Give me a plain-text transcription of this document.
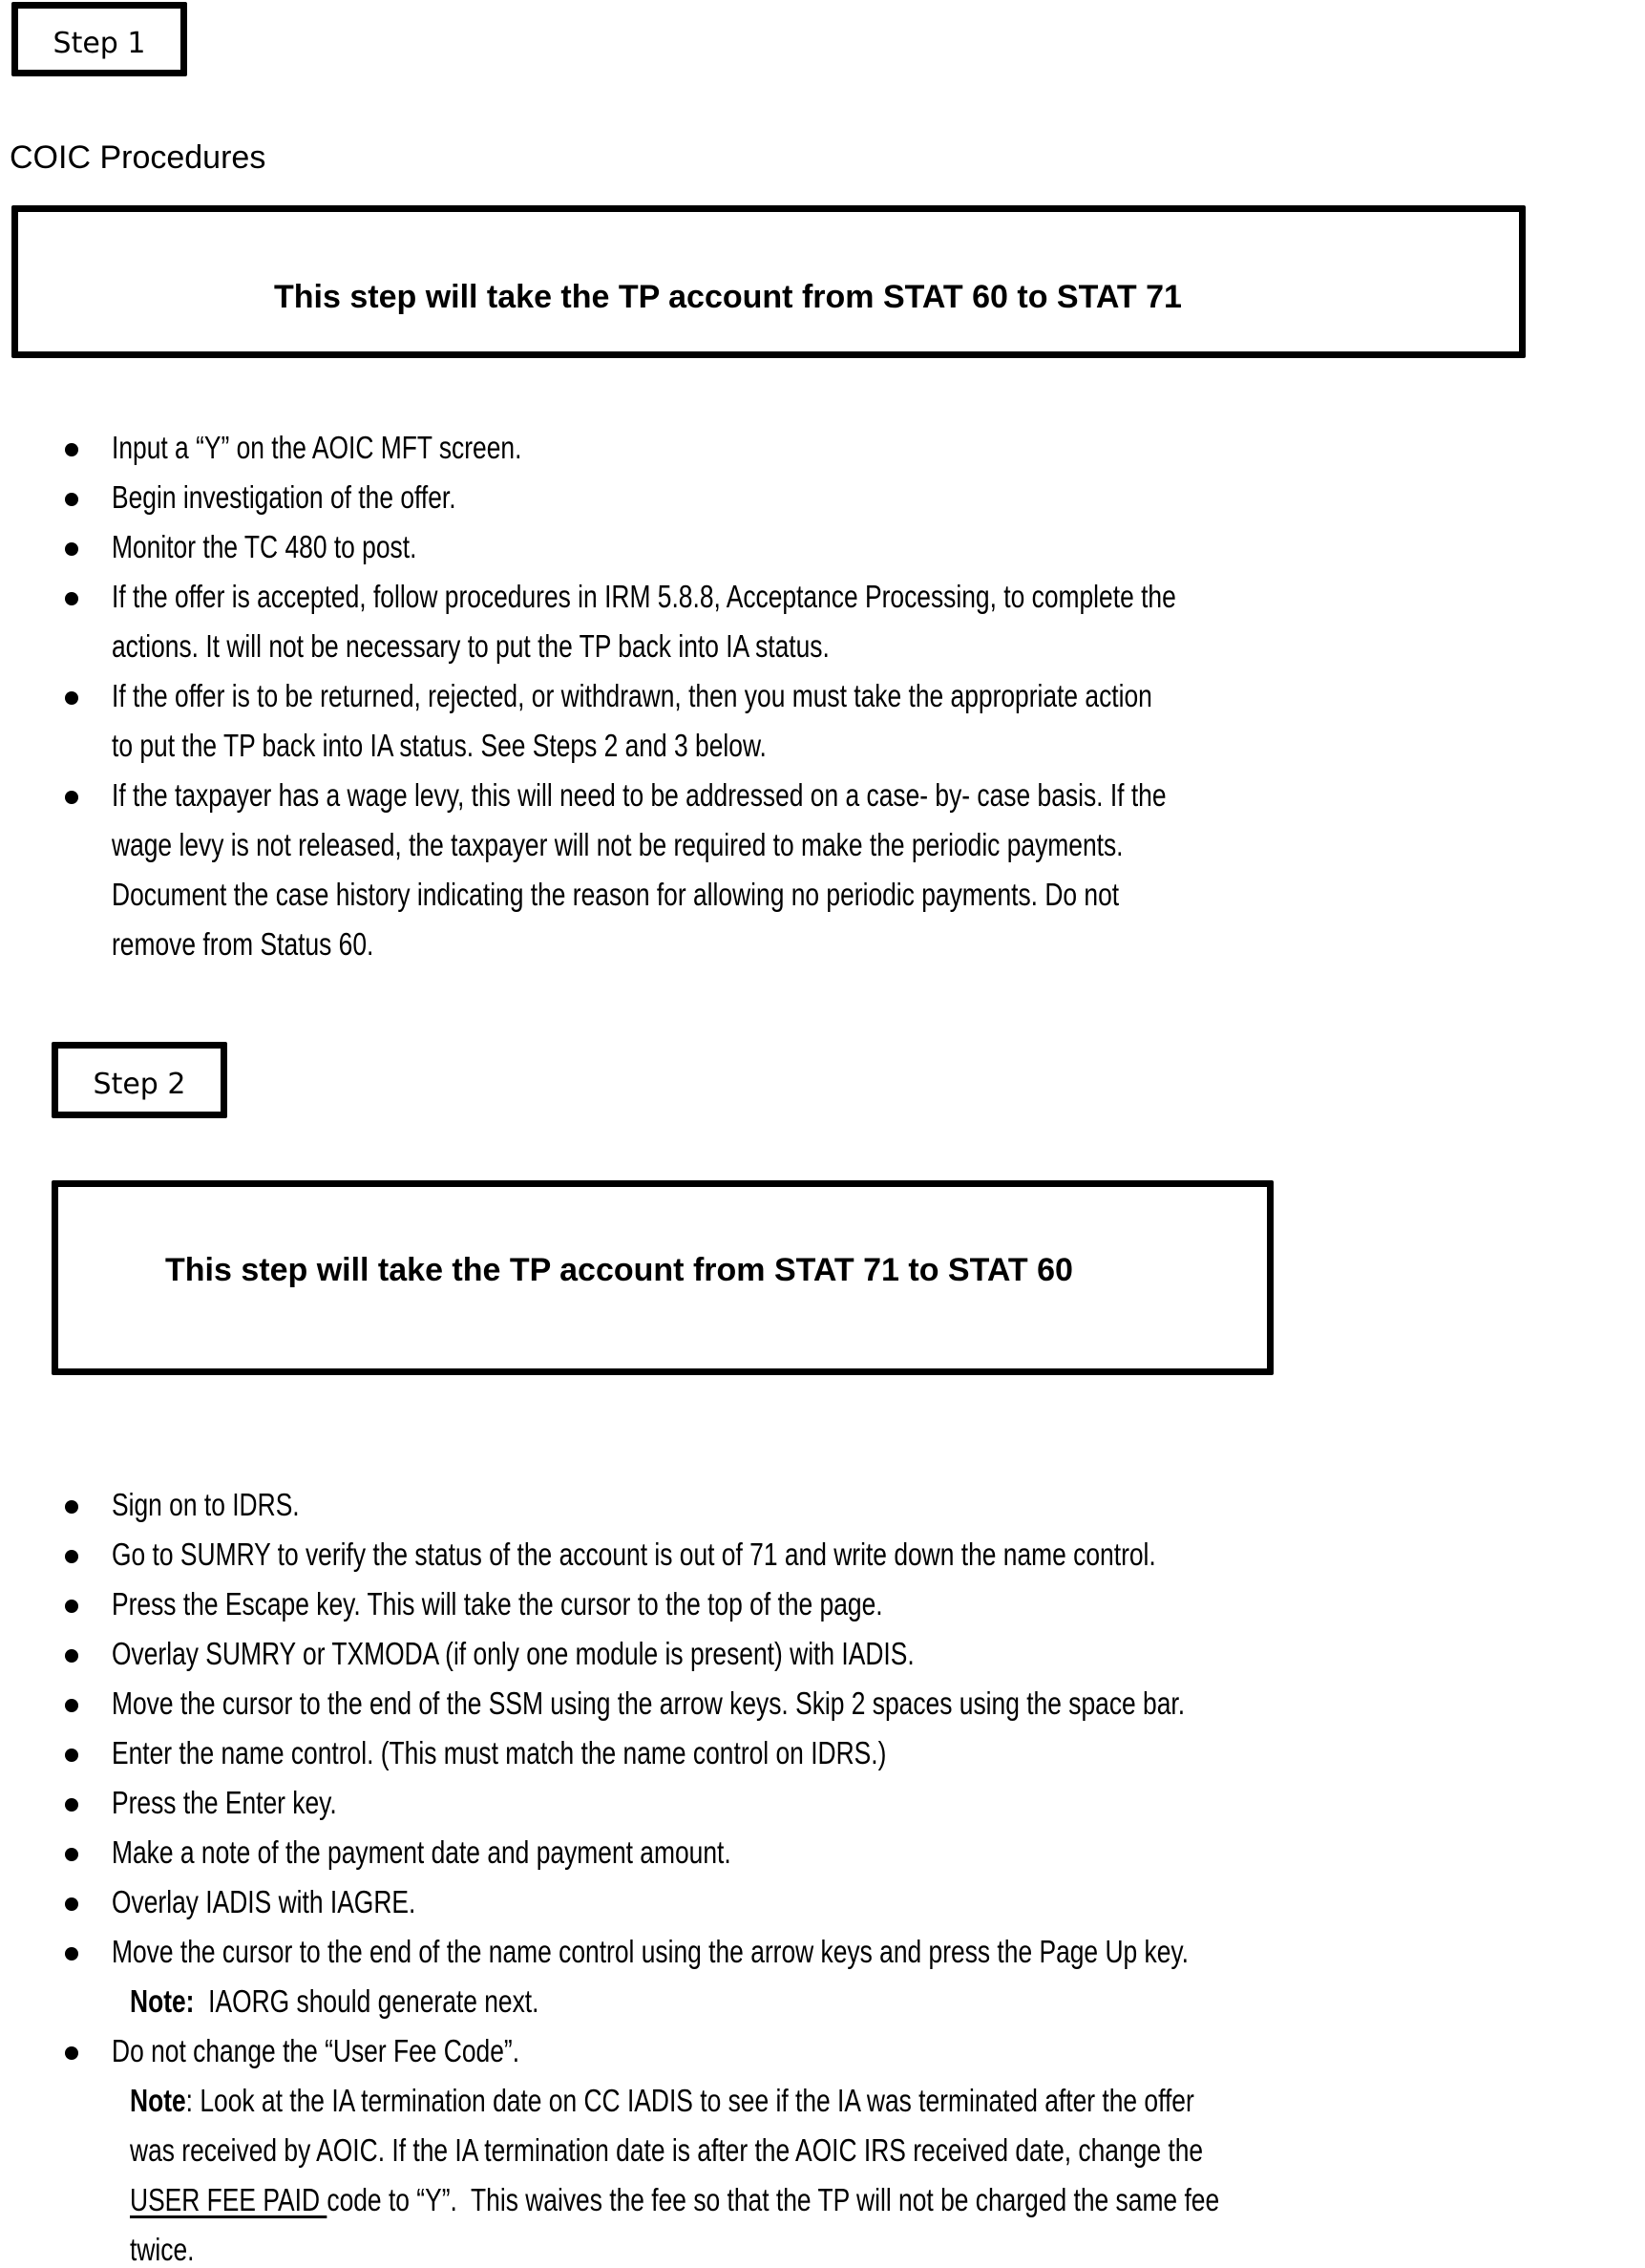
Step 1
COIC Procedures
This step will take the TP account from STAT 60 to STAT 71
Input a “Y” on the AOIC MFT screen.
Begin investigation of the offer.
Monitor the TC 480 to post.
If the offer is accepted, follow procedures in IRM 5.8.8, Acceptance Processing, to complete the
actions. It will not be necessary to put the TP back into IA status.
If the offer is to be returned, rejected, or withdrawn, then you must take the appropriate action
to put the TP back into IA status. See Steps 2 and 3 below.
If the taxpayer has a wage levy, this will need to be addressed on a case- by- case basis. If the
wage levy is not released, the taxpayer will not be required to make the periodic payments.
Document the case history indicating the reason for allowing no periodic payments. Do not
remove from Status 60.
Step 2
This step will take the TP account from STAT 71 to STAT 60
Sign on to IDRS.
Go to SUMRY to verify the status of the account is out of 71 and write down the name control.
Press the Escape key. This will take the cursor to the top of the page.
Overlay SUMRY or TXMODA (if only one module is present) with IADIS.
Move the cursor to the end of the SSM using the arrow keys. Skip 2 spaces using the space bar.
Enter the name control. (This must match the name control on IDRS.)
Press the Enter key.
Make a note of the payment date and payment amount.
Overlay IADIS with IAGRE.
Move the cursor to the end of the name control using the arrow keys and press the Page Up key.
Note:  IAORG should generate next.
Do not change the “User Fee Code”.
Note: Look at the IA termination date on CC IADIS to see if the IA was terminated after the offer
was received by AOIC. If the IA termination date is after the AOIC IRS received date, change the
USER FEE PAID code to “Y”.  This waives the fee so that the TP will not be charged the same fee
twice.
